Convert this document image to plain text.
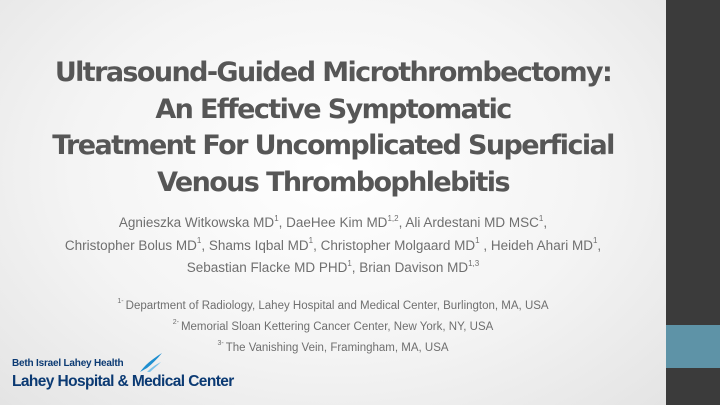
Ultrasound-Guided Microthrombectomy:
An Effective Symptomatic
Treatment For Uncomplicated Superficial
Venous Thrombophlebitis
Agnieszka Witkowska $MD^1$, DaeHee Kim MD$^{1,2}$, Ali Ardestani MD MSC$^1$,
Christopher Bolus $MD^1$, Shams Iqbal $MD^1$, Christopher Molgaard $MD^1$ , Heideh Ahari $MD^1$,
Sebastian Flacke MD PHD$^1$, Brian Davison MD$^{1,3}$
$^{1-}$ Department of Radiology, Lahey Hospital and Medical Center, Burlington, MA, USA
$^{2-}$ Memorial Sloan Kettering Cancer Center, New York, NY, USA
$^{3-}$ The Vanishing Vein, Framingham, MA, USA
Beth Israel Lahey Health
Lahey Hospital & Medical Center
